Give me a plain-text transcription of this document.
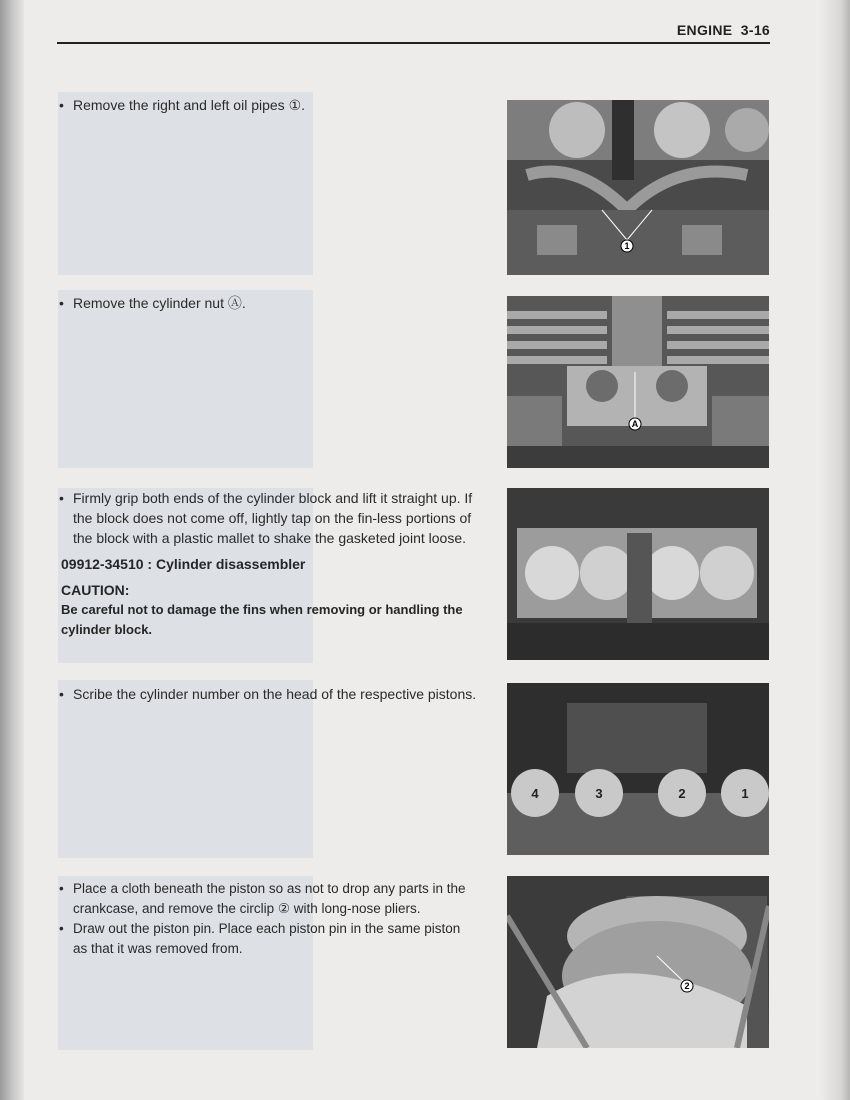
ENGINE 3-16
• Remove the right and left oil pipes ①.
1
• Remove the cylinder nut Ⓐ.
A
• Firmly grip both ends of the cylinder block and lift it straight up. If the block does not come off, lightly tap on the fin-less portions of the block with a plastic mallet to shake the gasketed joint loose.
09912-34510 : Cylinder disassembler
CAUTION:
Be careful not to damage the fins when removing or handling the cylinder block.
• Scribe the cylinder number on the head of the respective pistons.
4	3	2	1
• Place a cloth beneath the piston so as not to drop any parts in the crankcase, and remove the circlip ② with long-nose pliers.
• Draw out the piston pin. Place each piston pin in the same piston as that it was removed from.
2
